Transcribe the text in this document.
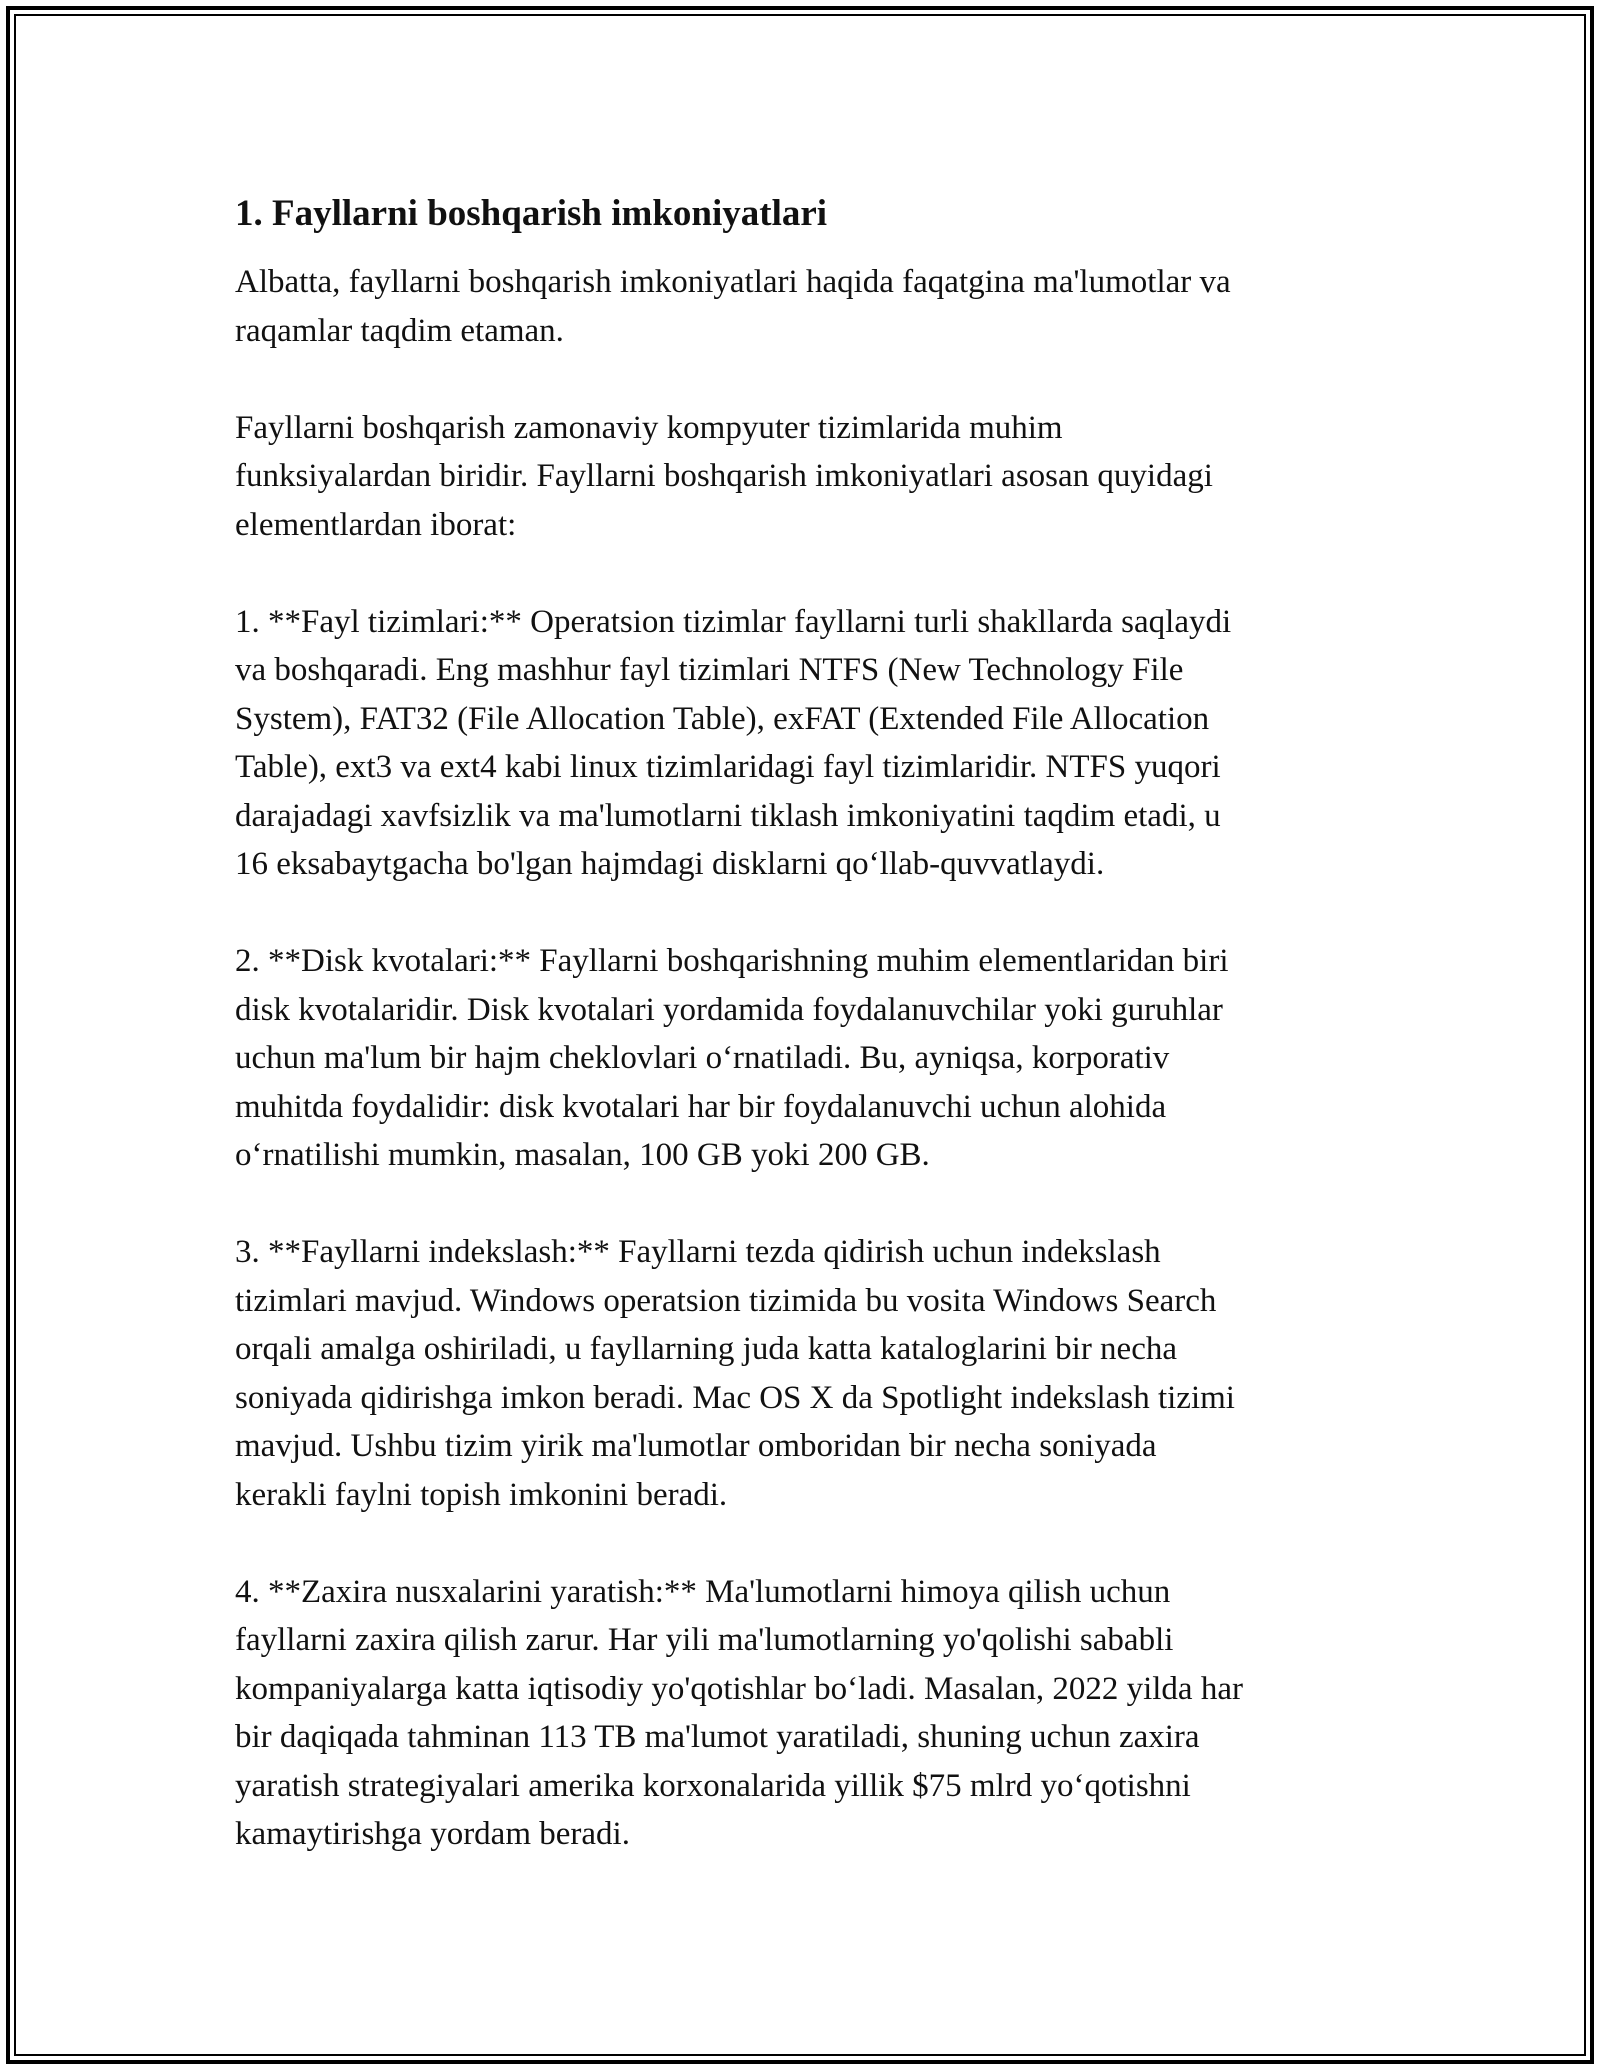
1. Fayllarni boshqarish imkoniyatlari

Albatta, fayllarni boshqarish imkoniyatlari haqida faqatgina ma'lumotlar va
raqamlar taqdim etaman.

Fayllarni boshqarish zamonaviy kompyuter tizimlarida muhim
funksiyalardan biridir. Fayllarni boshqarish imkoniyatlari asosan quyidagi
elementlardan iborat:

1. **Fayl tizimlari:** Operatsion tizimlar fayllarni turli shakllarda saqlaydi
va boshqaradi. Eng mashhur fayl tizimlari NTFS (New Technology File
System), FAT32 (File Allocation Table), exFAT (Extended File Allocation
Table), ext3 va ext4 kabi linux tizimlaridagi fayl tizimlaridir. NTFS yuqori
darajadagi xavfsizlik va ma'lumotlarni tiklash imkoniyatini taqdim etadi, u
16 eksabaytgacha bo'lgan hajmdagi disklarni qo‘llab-quvvatlaydi.

2. **Disk kvotalari:** Fayllarni boshqarishning muhim elementlaridan biri
disk kvotalaridir. Disk kvotalari yordamida foydalanuvchilar yoki guruhlar
uchun ma'lum bir hajm cheklovlari o‘rnatiladi. Bu, ayniqsa, korporativ
muhitda foydalidir: disk kvotalari har bir foydalanuvchi uchun alohida
o‘rnatilishi mumkin, masalan, 100 GB yoki 200 GB.

3. **Fayllarni indekslash:** Fayllarni tezda qidirish uchun indekslash
tizimlari mavjud. Windows operatsion tizimida bu vosita Windows Search
orqali amalga oshiriladi, u fayllarning juda katta kataloglarini bir necha
soniyada qidirishga imkon beradi. Mac OS X da Spotlight indekslash tizimi
mavjud. Ushbu tizim yirik ma'lumotlar omboridan bir necha soniyada
kerakli faylni topish imkonini beradi.

4. **Zaxira nusxalarini yaratish:** Ma'lumotlarni himoya qilish uchun
fayllarni zaxira qilish zarur. Har yili ma'lumotlarning yo'qolishi sababli
kompaniyalarga katta iqtisodiy yo'qotishlar bo‘ladi. Masalan, 2022 yilda har
bir daqiqada tahminan 113 TB ma'lumot yaratiladi, shuning uchun zaxira
yaratish strategiyalari amerika korxonalarida yillik $75 mlrd yo‘qotishni
kamaytirishga yordam beradi.
